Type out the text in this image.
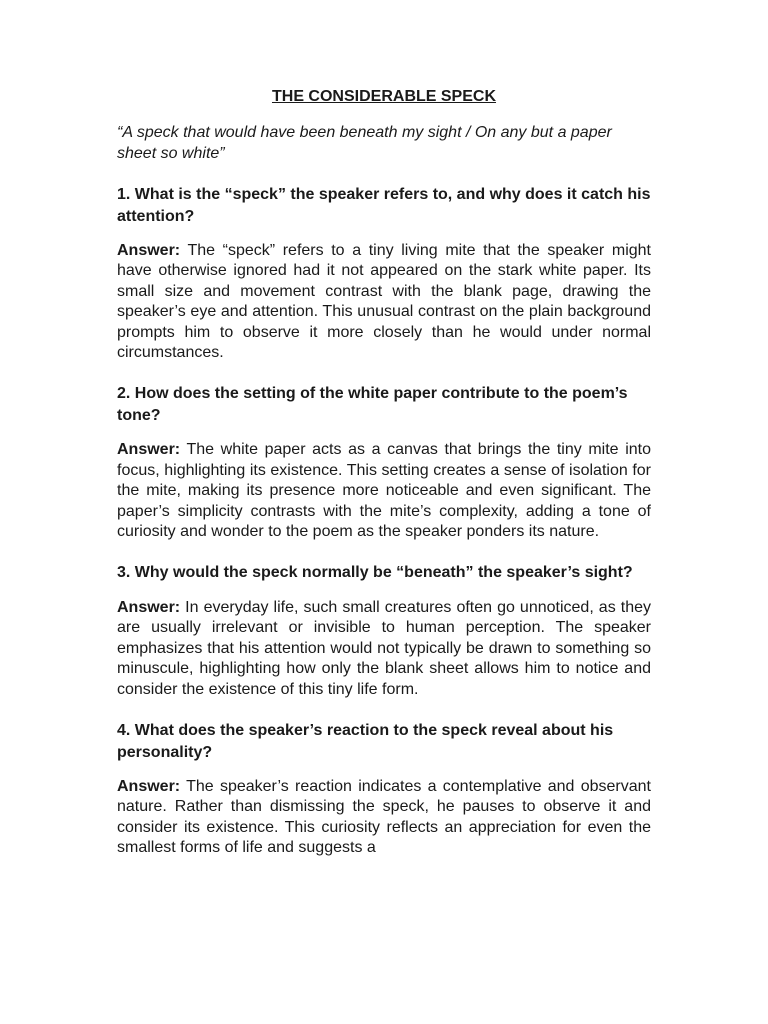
THE CONSIDERABLE SPECK
“A speck that would have been beneath my sight / On any but a paper sheet so white”
1. What is the “speck” the speaker refers to, and why does it catch his attention?
Answer: The “speck” refers to a tiny living mite that the speaker might have otherwise ignored had it not appeared on the stark white paper. Its small size and movement contrast with the blank page, drawing the speaker’s eye and attention. This unusual contrast on the plain background prompts him to observe it more closely than he would under normal circumstances.
2. How does the setting of the white paper contribute to the poem’s tone?
Answer: The white paper acts as a canvas that brings the tiny mite into focus, highlighting its existence. This setting creates a sense of isolation for the mite, making its presence more noticeable and even significant. The paper’s simplicity contrasts with the mite’s complexity, adding a tone of curiosity and wonder to the poem as the speaker ponders its nature.
3. Why would the speck normally be “beneath” the speaker’s sight?
Answer: In everyday life, such small creatures often go unnoticed, as they are usually irrelevant or invisible to human perception. The speaker emphasizes that his attention would not typically be drawn to something so minuscule, highlighting how only the blank sheet allows him to notice and consider the existence of this tiny life form.
4. What does the speaker’s reaction to the speck reveal about his personality?
Answer: The speaker’s reaction indicates a contemplative and observant nature. Rather than dismissing the speck, he pauses to observe it and consider its existence. This curiosity reflects an appreciation for even the smallest forms of life and suggests a
